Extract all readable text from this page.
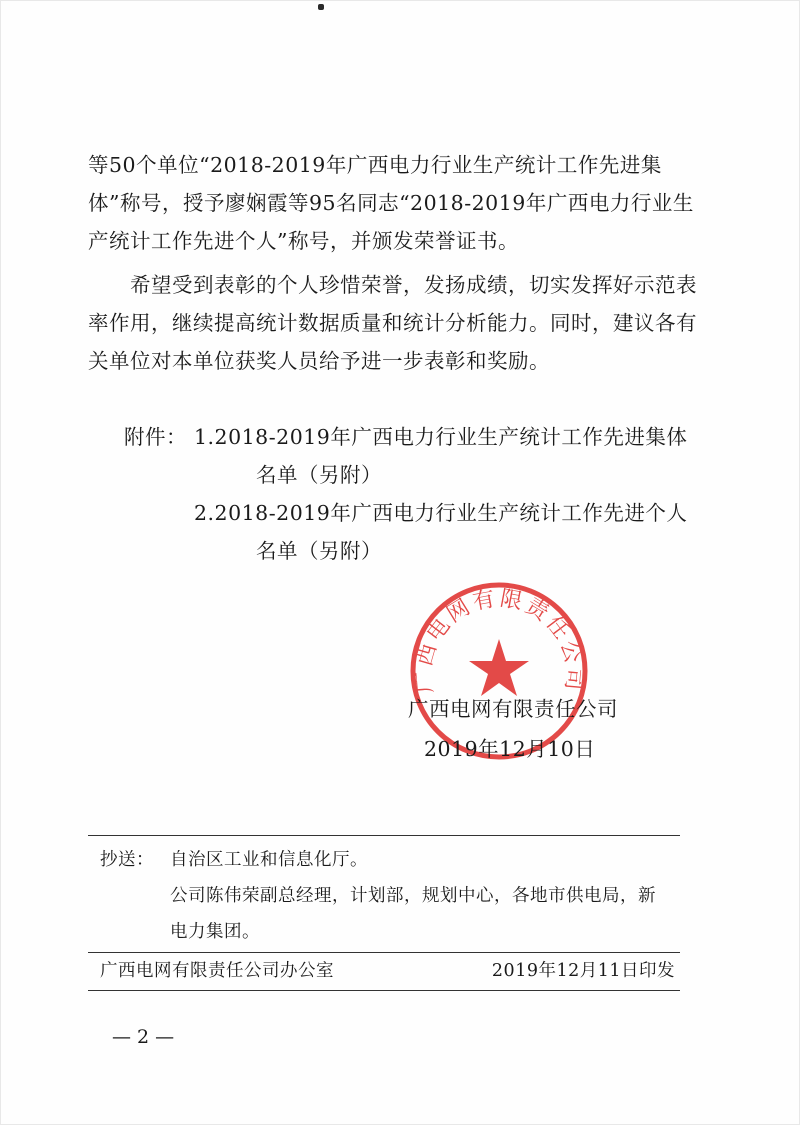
等50个单位“2018-2019年广西电力行业生产统计工作先进集体”称号，授予廖娴霞等95名同志“2018-2019年广西电力行业生产统计工作先进个人”称号，并颁发荣誉证书。

希望受到表彰的个人珍惜荣誉，发扬成绩，切实发挥好示范表率作用，继续提高统计数据质量和统计分析能力。同时，建议各有关单位对本单位获奖人员给予进一步表彰和奖励。

附件： 1.2018-2019年广西电力行业生产统计工作先进集体
名单（另附）
2.2018-2019年广西电力行业生产统计工作先进个人
名单（另附）
广西电网有限责任公司
广西电网有限责任公司
2019年12月10日
抄送： 自治区工业和信息化厅。
公司陈伟荣副总经理，计划部，规划中心，各地市供电局，新
电力集团。
广西电网有限责任公司办公室	2019年12月11日印发
— 2 —
